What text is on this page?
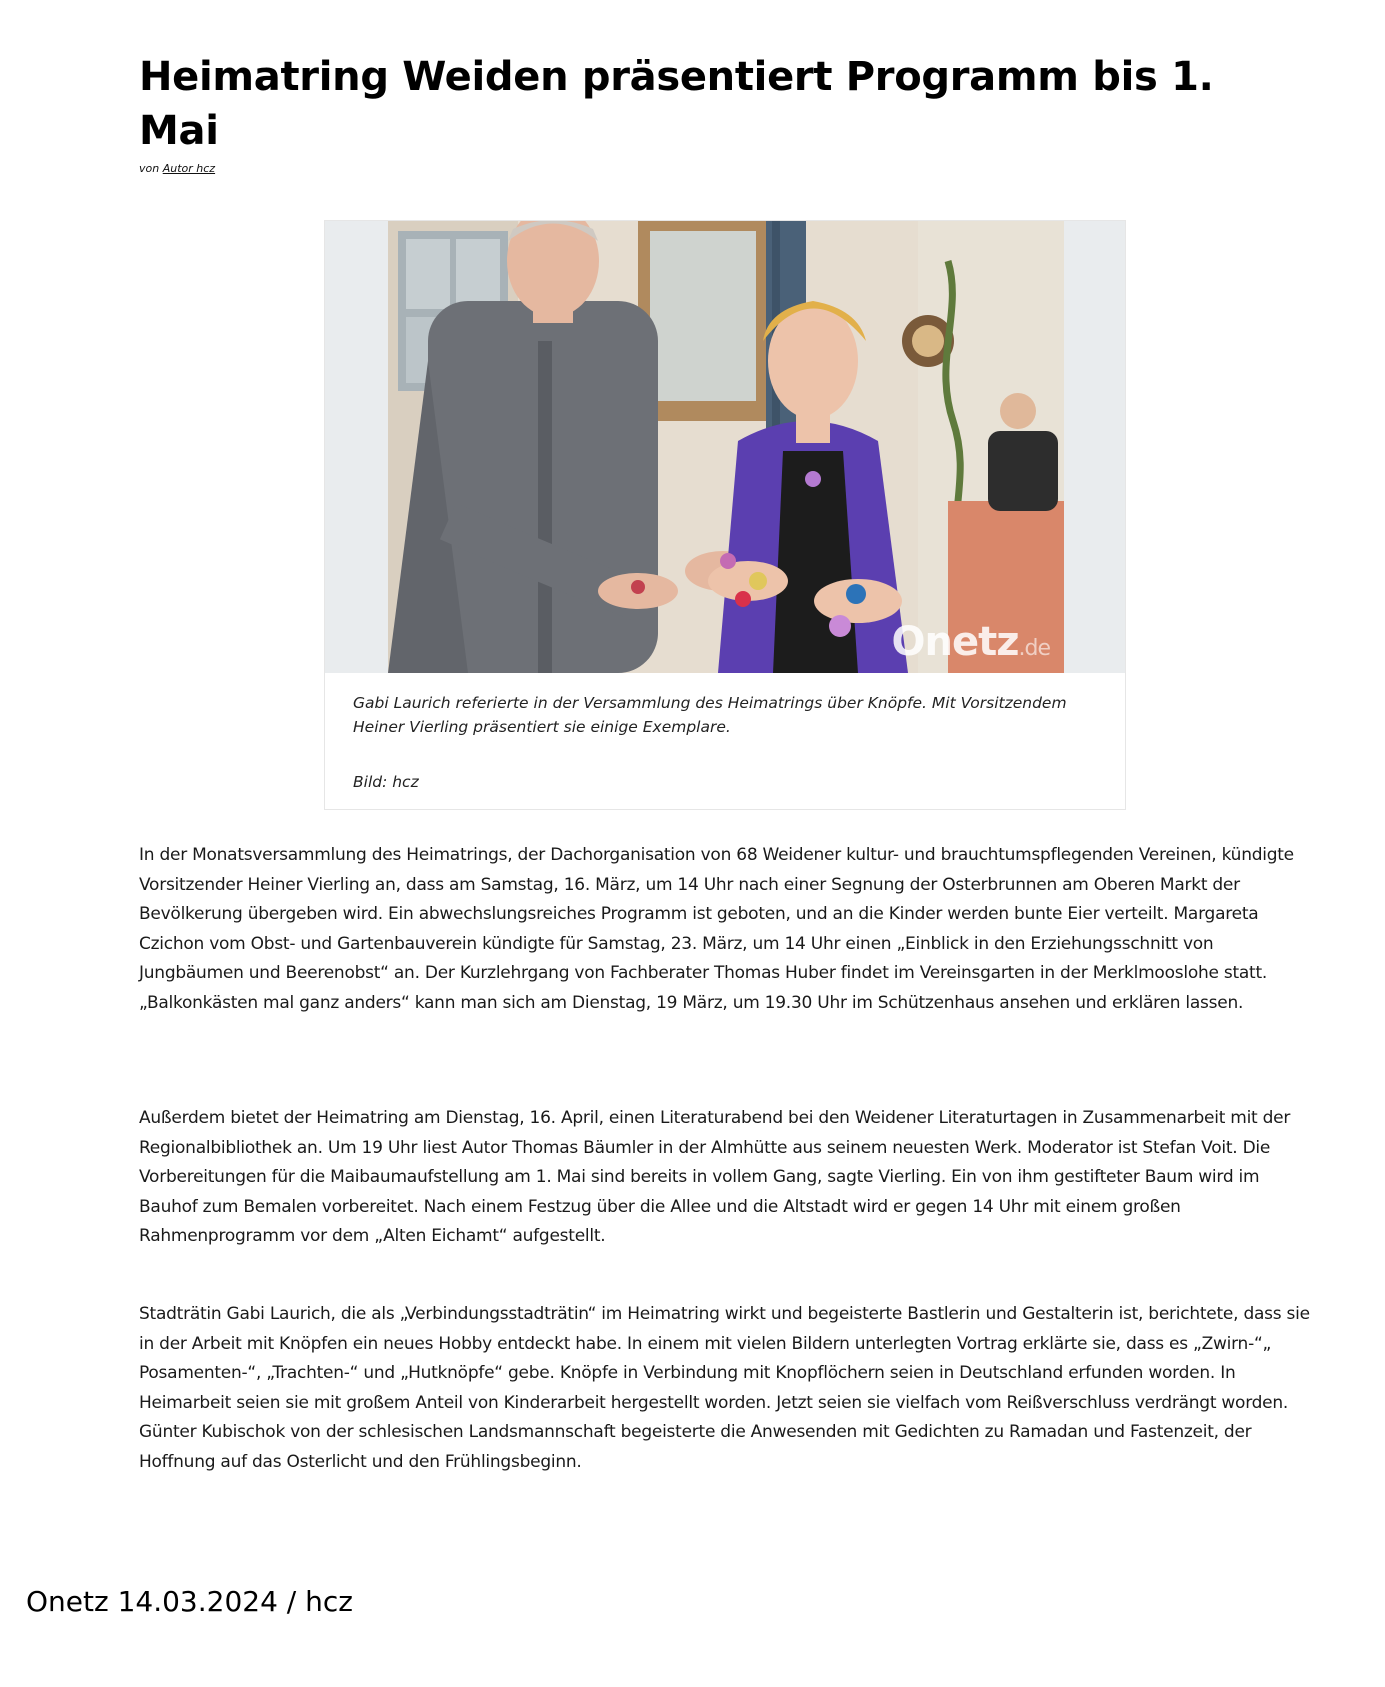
Heimatring Weiden präsentiert Programm bis 1. Mai
von Autor hcz
Onetz.de
Gabi Laurich referierte in der Versammlung des Heimatrings über Knöpfe. Mit Vorsitzendem Heiner Vierling präsentiert sie einige Exemplare.
Bild: hcz

In der Monatsversammlung des Heimatrings, der Dachorganisation von 68 Weidener kultur- und brauchtumspflegenden Vereinen, kündigte Vorsitzender Heiner Vierling an, dass am Samstag, 16. März, um 14 Uhr nach einer Segnung der Osterbrunnen am Oberen Markt der Bevölkerung übergeben wird. Ein abwechslungsreiches Programm ist geboten, und an die Kinder werden bunte Eier verteilt. Margareta Czichon vom Obst- und Gartenbauverein kündigte für Samstag, 23. März, um 14 Uhr einen „Einblick in den Erziehungsschnitt von Jungbäumen und Beerenobst“ an. Der Kurzlehrgang von Fachberater Thomas Huber findet im Vereinsgarten in der Merklmooslohe statt. „Balkonkästen mal ganz anders“ kann man sich am Dienstag, 19 März, um 19.30 Uhr im Schützenhaus ansehen und erklären lassen.

Außerdem bietet der Heimatring am Dienstag, 16. April, einen Literaturabend bei den Weidener Literaturtagen in Zusammenarbeit mit der Regionalbibliothek an. Um 19 Uhr liest Autor Thomas Bäumler in der Almhütte aus seinem neuesten Werk. Moderator ist Stefan Voit. Die Vorbereitungen für die Maibaumaufstellung am 1. Mai sind bereits in vollem Gang, sagte Vierling. Ein von ihm gestifteter Baum wird im Bauhof zum Bemalen vorbereitet. Nach einem Festzug über die Allee und die Altstadt wird er gegen 14 Uhr mit einem großen Rahmenprogramm vor dem „Alten Eichamt“ aufgestellt.

Stadträtin Gabi Laurich, die als „Verbindungsstadträtin“ im Heimatring wirkt und begeisterte Bastlerin und Gestalterin ist, berichtete, dass sie in der Arbeit mit Knöpfen ein neues Hobby entdeckt habe. In einem mit vielen Bildern unterlegten Vortrag erklärte sie, dass es „Zwirn-“„ Posamenten-“, „Trachten-“ und „Hutknöpfe“ gebe. Knöpfe in Verbindung mit Knopflöchern seien in Deutschland erfunden worden. In Heimarbeit seien sie mit großem Anteil von Kinderarbeit hergestellt worden. Jetzt seien sie vielfach vom Reißverschluss verdrängt worden. Günter Kubischok von der schlesischen Landsmannschaft begeisterte die Anwesenden mit Gedichten zu Ramadan und Fastenzeit, der Hoffnung auf das Osterlicht und den Frühlingsbeginn.

Onetz 14.03.2024 / hcz
